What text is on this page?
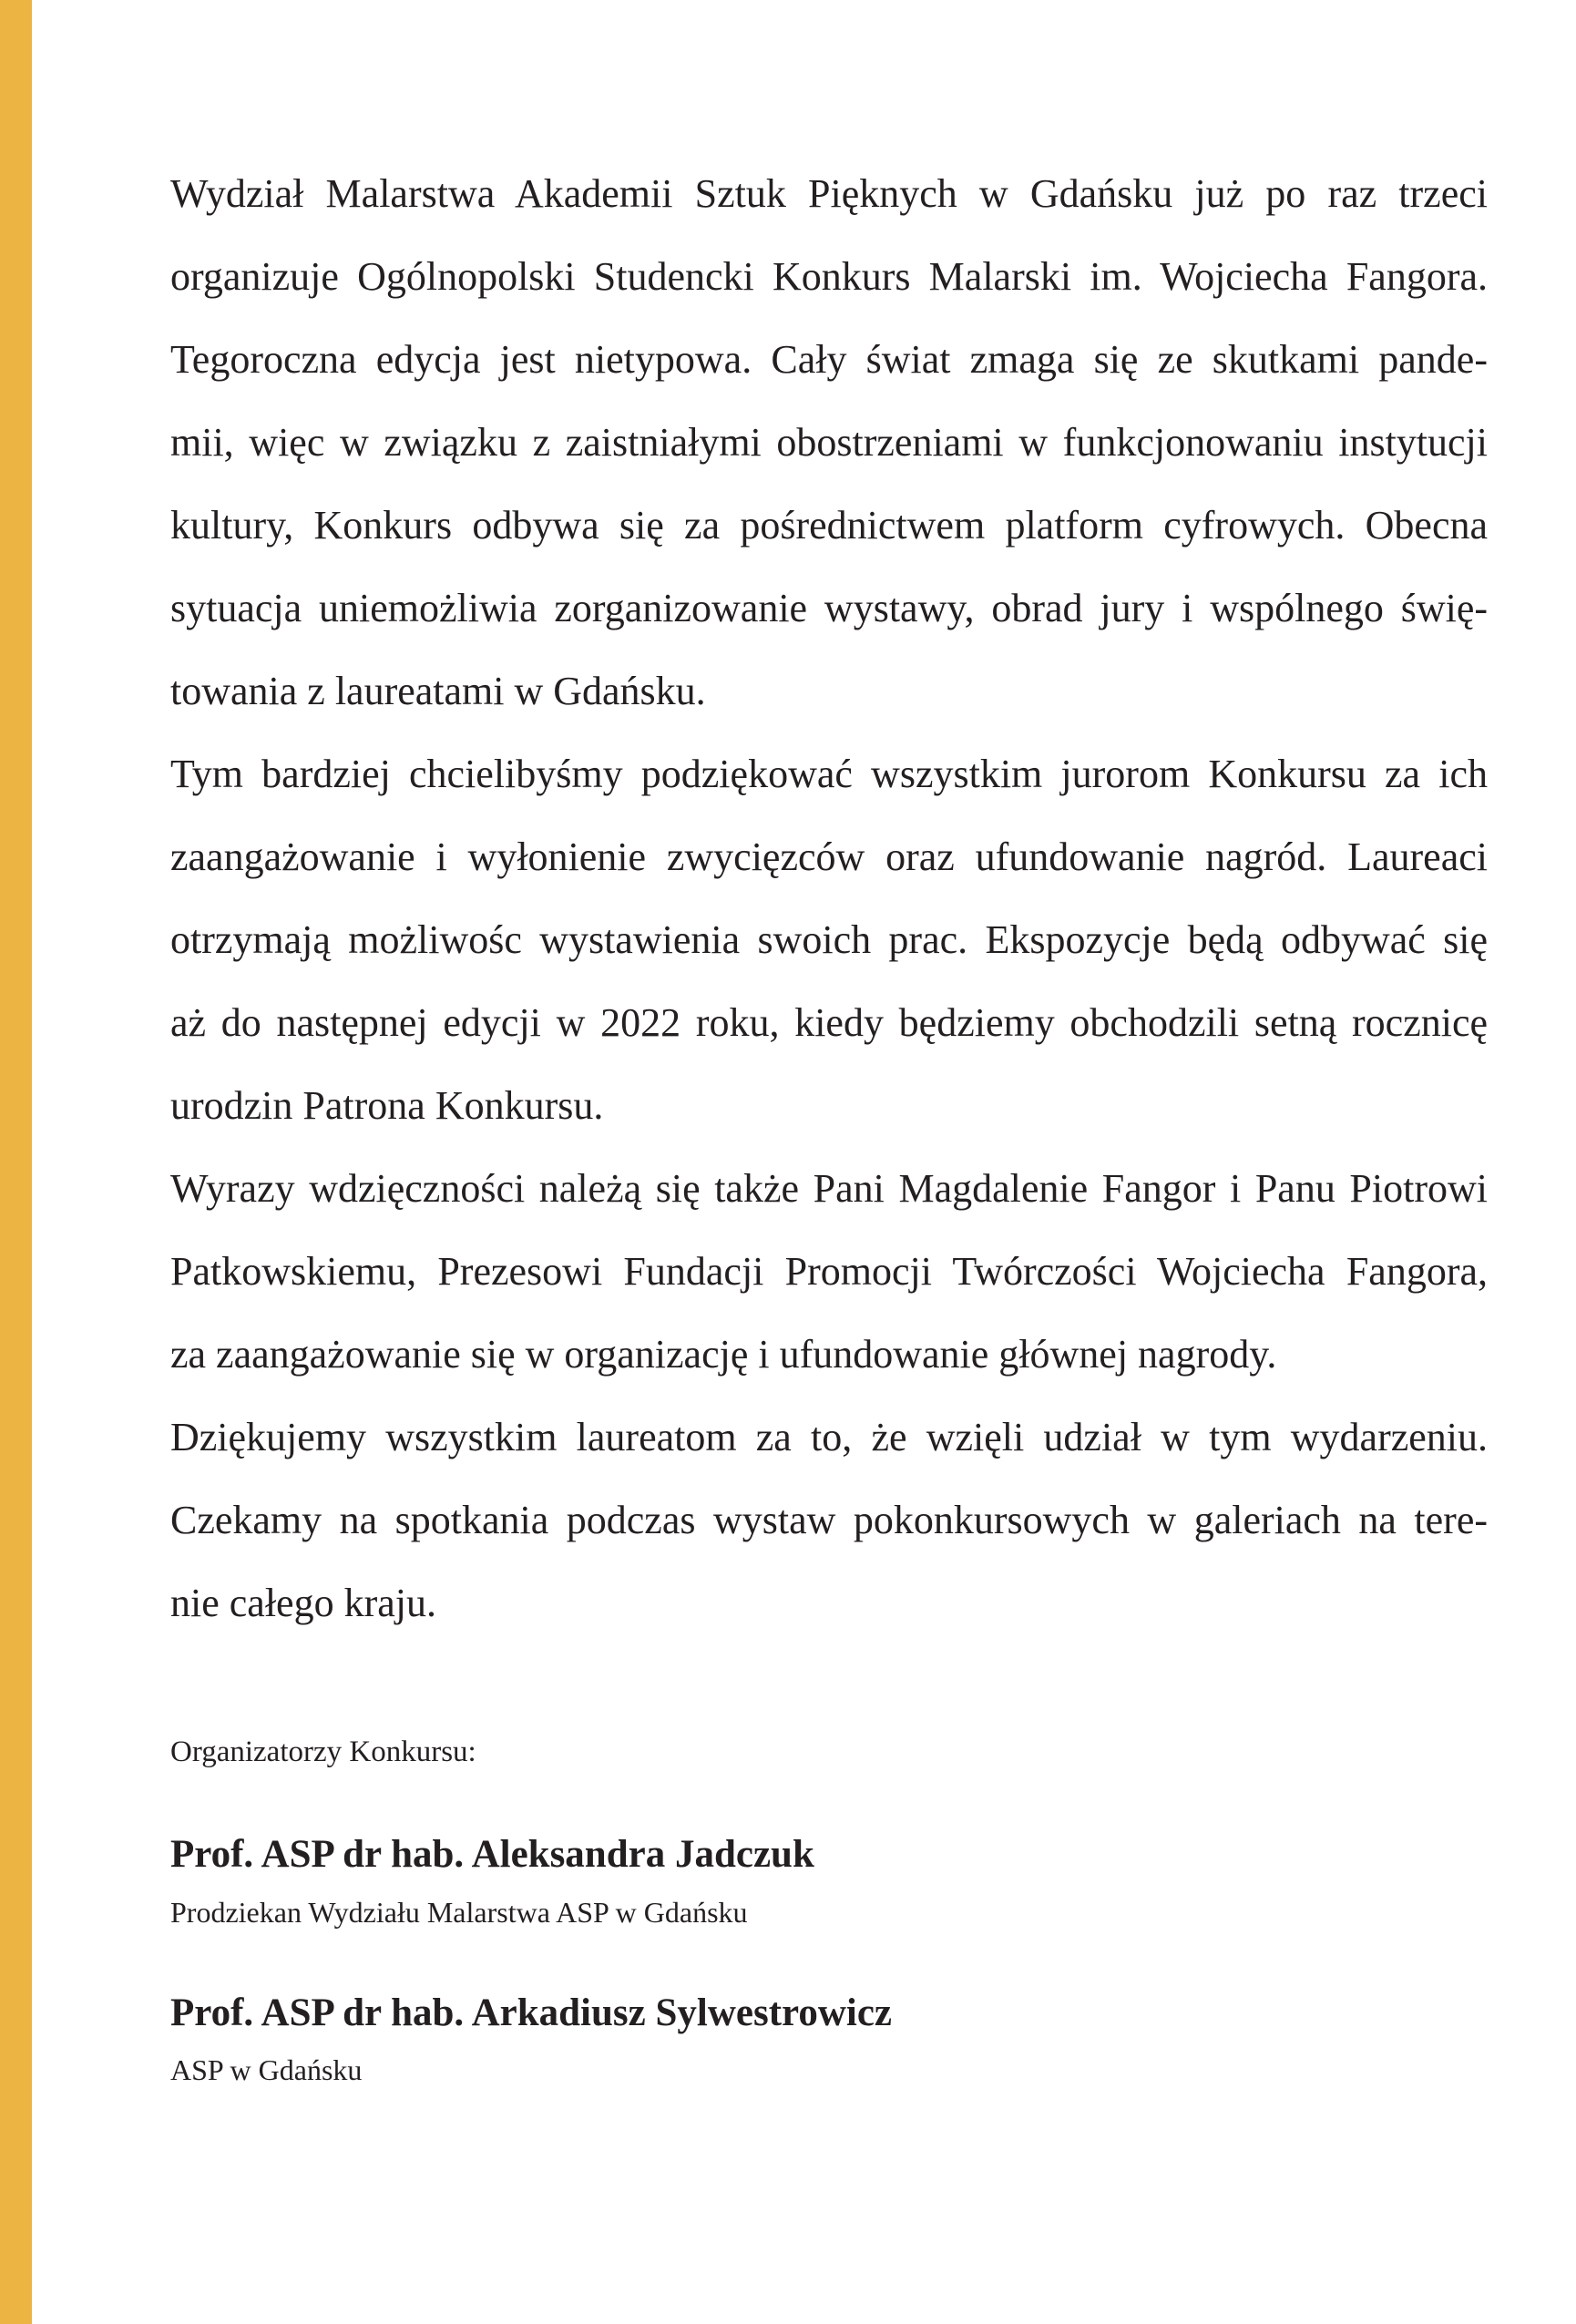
Wydział Malarstwa Akademii Sztuk Pięknych w Gdańsku już po raz trzeci
organizuje Ogólnopolski Studencki Konkurs Malarski im. Wojciecha Fangora.
Tegoroczna edycja jest nietypowa. Cały świat zmaga się ze skutkami pande-
mii, więc w związku z zaistniałymi obostrzeniami w funkcjonowaniu instytucji
kultury, Konkurs odbywa się za pośrednictwem platform cyfrowych. Obecna
sytuacja uniemożliwia zorganizowanie wystawy, obrad jury i wspólnego świę-
towania z laureatami w Gdańsku.
Tym bardziej chcielibyśmy podziękować wszystkim jurorom Konkursu za ich
zaangażowanie i wyłonienie zwycięzców oraz ufundowanie nagród. Laureaci
otrzymają możliwośc wystawienia swoich prac. Ekspozycje będą odbywać się
aż do następnej edycji w 2022 roku, kiedy będziemy obchodzili setną rocznicę
urodzin Patrona Konkursu.
Wyrazy wdzięczności należą się także Pani Magdalenie Fangor i Panu Piotrowi
Patkowskiemu, Prezesowi Fundacji Promocji Twórczości Wojciecha Fangora,
za zaangażowanie się w organizację i ufundowanie głównej nagrody.
Dziękujemy wszystkim laureatom za to, że wzięli udział w tym wydarzeniu.
Czekamy na spotkania podczas wystaw pokonkursowych w galeriach na tere-
nie całego kraju.
Organizatorzy Konkursu:
Prof. ASP dr hab. Aleksandra Jadczuk
Prodziekan Wydziału Malarstwa ASP w Gdańsku
Prof. ASP dr hab. Arkadiusz Sylwestrowicz
ASP w Gdańsku
